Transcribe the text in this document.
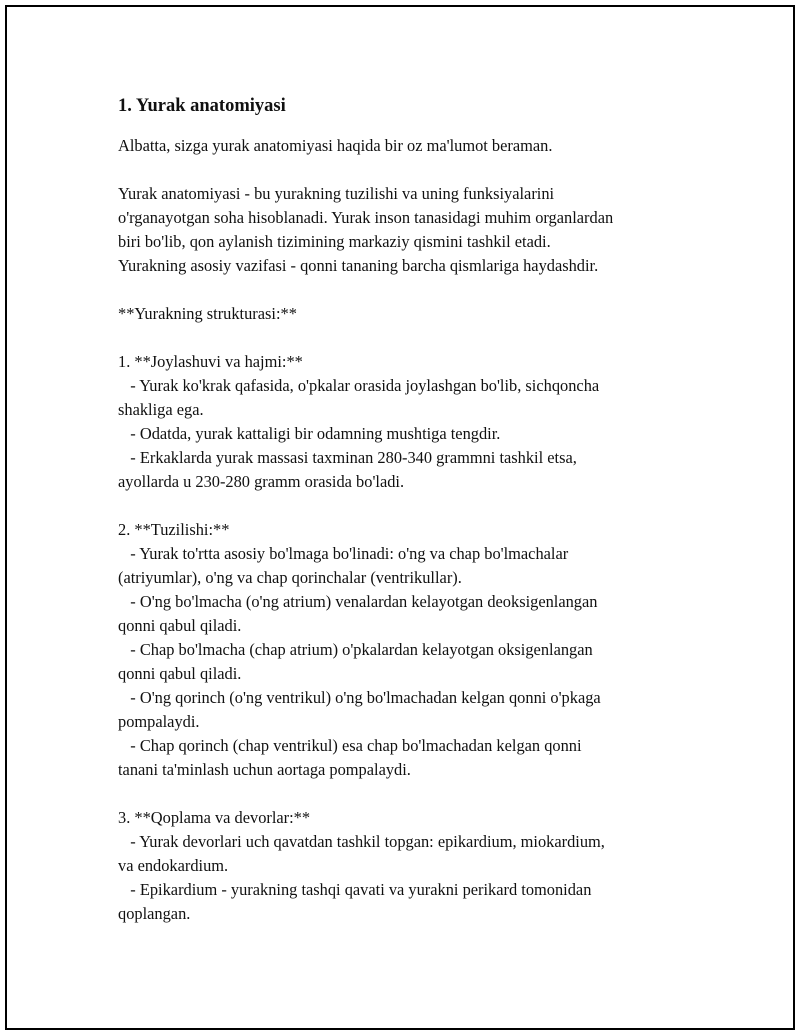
1. Yurak anatomiyasi
Albatta, sizga yurak anatomiyasi haqida bir oz ma'lumot beraman.
Yurak anatomiyasi - bu yurakning tuzilishi va uning funksiyalarini
o'rganayotgan soha hisoblanadi. Yurak inson tanasidagi muhim organlardan
biri bo'lib, qon aylanish tizimining markaziy qismini tashkil etadi.
Yurakning asosiy vazifasi - qonni tananing barcha qismlariga haydashdir.
**Yurakning strukturasi:**
1. **Joylashuvi va hajmi:**
- Yurak ko'krak qafasida, o'pkalar orasida joylashgan bo'lib, sichqoncha
shakliga ega.
- Odatda, yurak kattaligi bir odamning mushtiga tengdir.
- Erkaklarda yurak massasi taxminan 280-340 grammni tashkil etsa,
ayollarda u 230-280 gramm orasida bo'ladi.
2. **Tuzilishi:**
- Yurak to'rtta asosiy bo'lmaga bo'linadi: o'ng va chap bo'lmachalar
(atriyumlar), o'ng va chap qorinchalar (ventrikullar).
- O'ng bo'lmacha (o'ng atrium) venalardan kelayotgan deoksigenlangan
qonni qabul qiladi.
- Chap bo'lmacha (chap atrium) o'pkalardan kelayotgan oksigenlangan
qonni qabul qiladi.
- O'ng qorinch (o'ng ventrikul) o'ng bo'lmachadan kelgan qonni o'pkaga
pompalaydi.
- Chap qorinch (chap ventrikul) esa chap bo'lmachadan kelgan qonni
tanani ta'minlash uchun aortaga pompalaydi.
3. **Qoplama va devorlar:**
- Yurak devorlari uch qavatdan tashkil topgan: epikardium, miokardium,
va endokardium.
- Epikardium - yurakning tashqi qavati va yurakni perikard tomonidan
qoplangan.
